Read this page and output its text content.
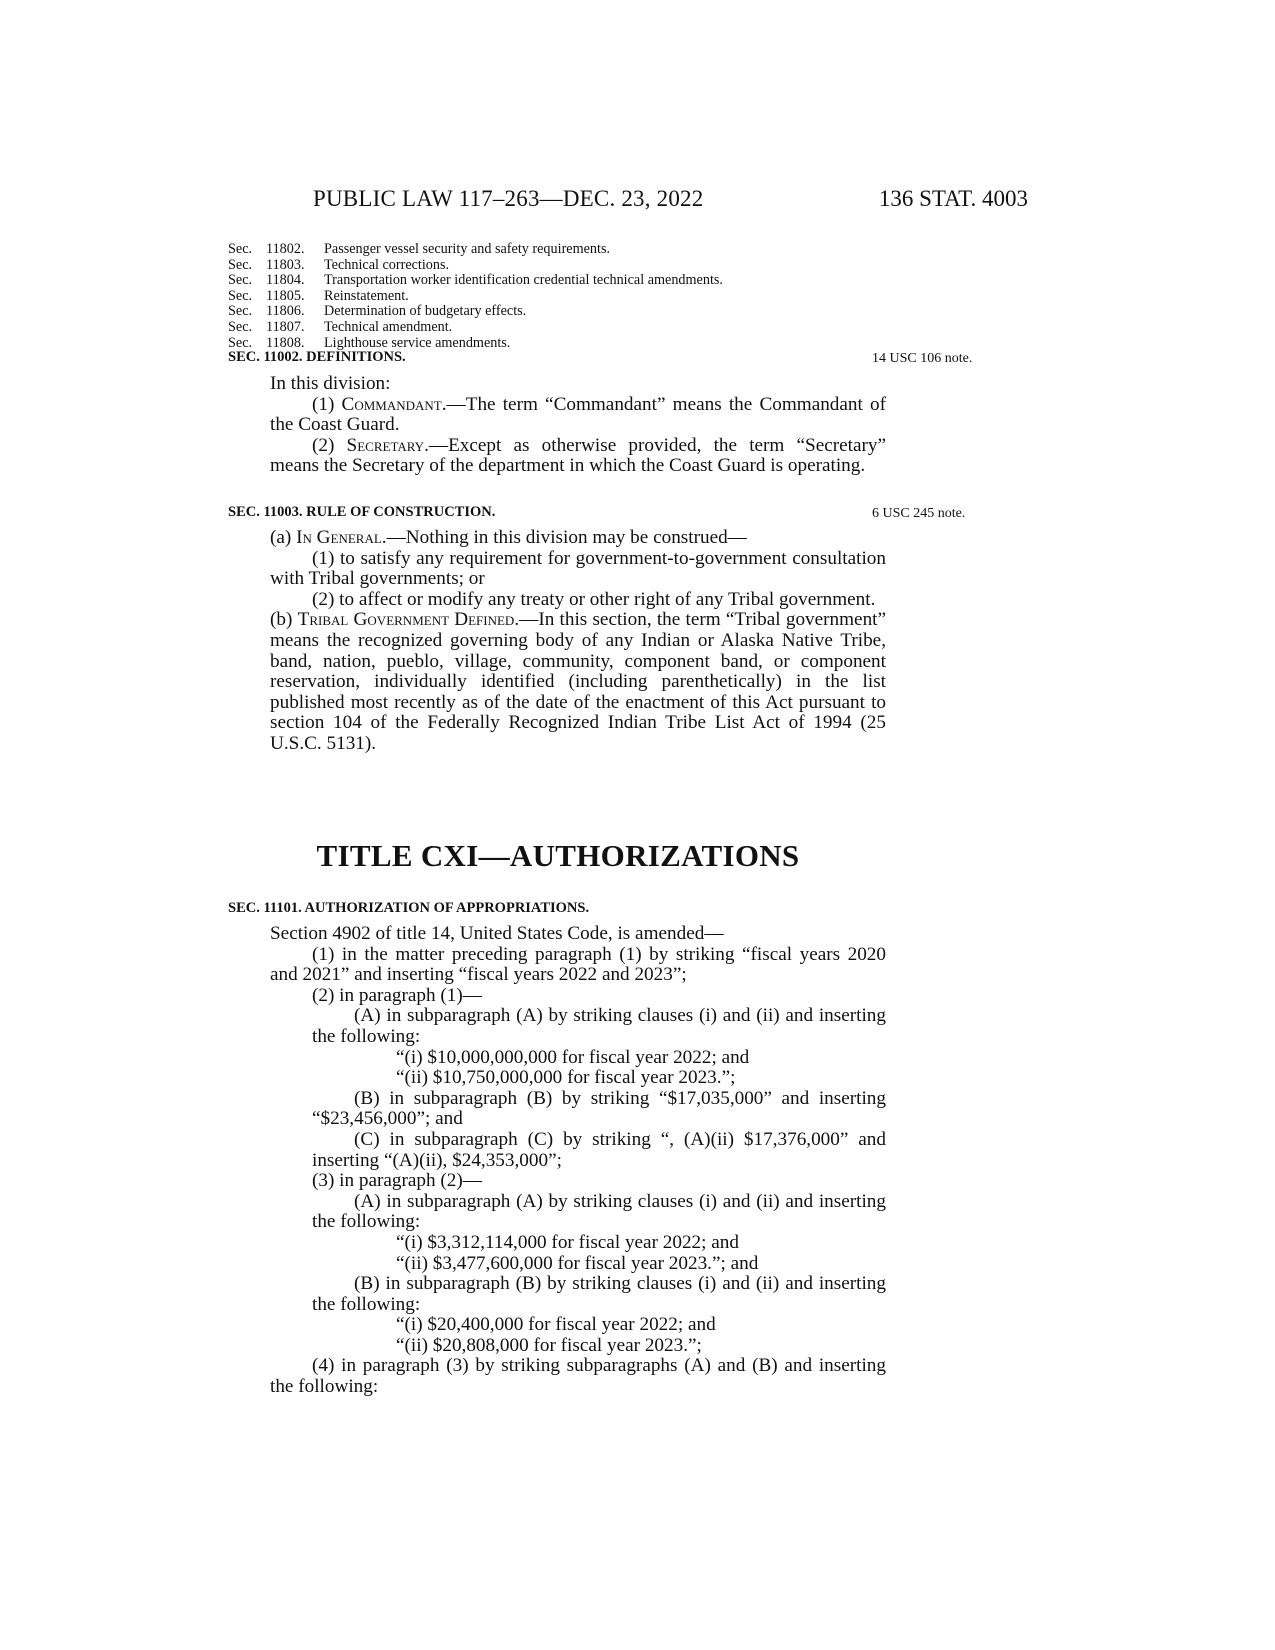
PUBLIC LAW 117–263—DEC. 23, 2022	136 STAT. 4003
Sec. 11802. Passenger vessel security and safety requirements.
Sec. 11803. Technical corrections.
Sec. 11804. Transportation worker identification credential technical amendments.
Sec. 11805. Reinstatement.
Sec. 11806. Determination of budgetary effects.
Sec. 11807. Technical amendment.
Sec. 11808. Lighthouse service amendments.
SEC. 11002. DEFINITIONS.	14 USC 106 note.

In this division:

(1) Commandant.—The term “Commandant” means the Commandant of the Coast Guard.

(2) Secretary.—Except as otherwise provided, the term “Secretary” means the Secretary of the department in which the Coast Guard is operating.

SEC. 11003. RULE OF CONSTRUCTION.	6 USC 245 note.

(a) In General.—Nothing in this division may be construed—

(1) to satisfy any requirement for government-to-government consultation with Tribal governments; or

(2) to affect or modify any treaty or other right of any Tribal government.

(b) Tribal Government Defined.—In this section, the term “Tribal government” means the recognized governing body of any Indian or Alaska Native Tribe, band, nation, pueblo, village, community, component band, or component reservation, individually identified (including parenthetically) in the list published most recently as of the date of the enactment of this Act pursuant to section 104 of the Federally Recognized Indian Tribe List Act of 1994 (25 U.S.C. 5131).

TITLE CXI—AUTHORIZATIONS
SEC. 11101. AUTHORIZATION OF APPROPRIATIONS.

Section 4902 of title 14, United States Code, is amended—

(1) in the matter preceding paragraph (1) by striking “fiscal years 2020 and 2021” and inserting “fiscal years 2022 and 2023”;

(2) in paragraph (1)—

(A) in subparagraph (A) by striking clauses (i) and (ii) and inserting the following:

“(i) $10,000,000,000 for fiscal year 2022; and

“(ii) $10,750,000,000 for fiscal year 2023.”;

(B) in subparagraph (B) by striking “$17,035,000” and inserting “$23,456,000”; and

(C) in subparagraph (C) by striking “, (A)(ii) $17,376,000” and inserting “(A)(ii), $24,353,000”;

(3) in paragraph (2)—

(A) in subparagraph (A) by striking clauses (i) and (ii) and inserting the following:

“(i) $3,312,114,000 for fiscal year 2022; and

“(ii) $3,477,600,000 for fiscal year 2023.”; and

(B) in subparagraph (B) by striking clauses (i) and (ii) and inserting the following:

“(i) $20,400,000 for fiscal year 2022; and

“(ii) $20,808,000 for fiscal year 2023.”;

(4) in paragraph (3) by striking subparagraphs (A) and (B) and inserting the following:
